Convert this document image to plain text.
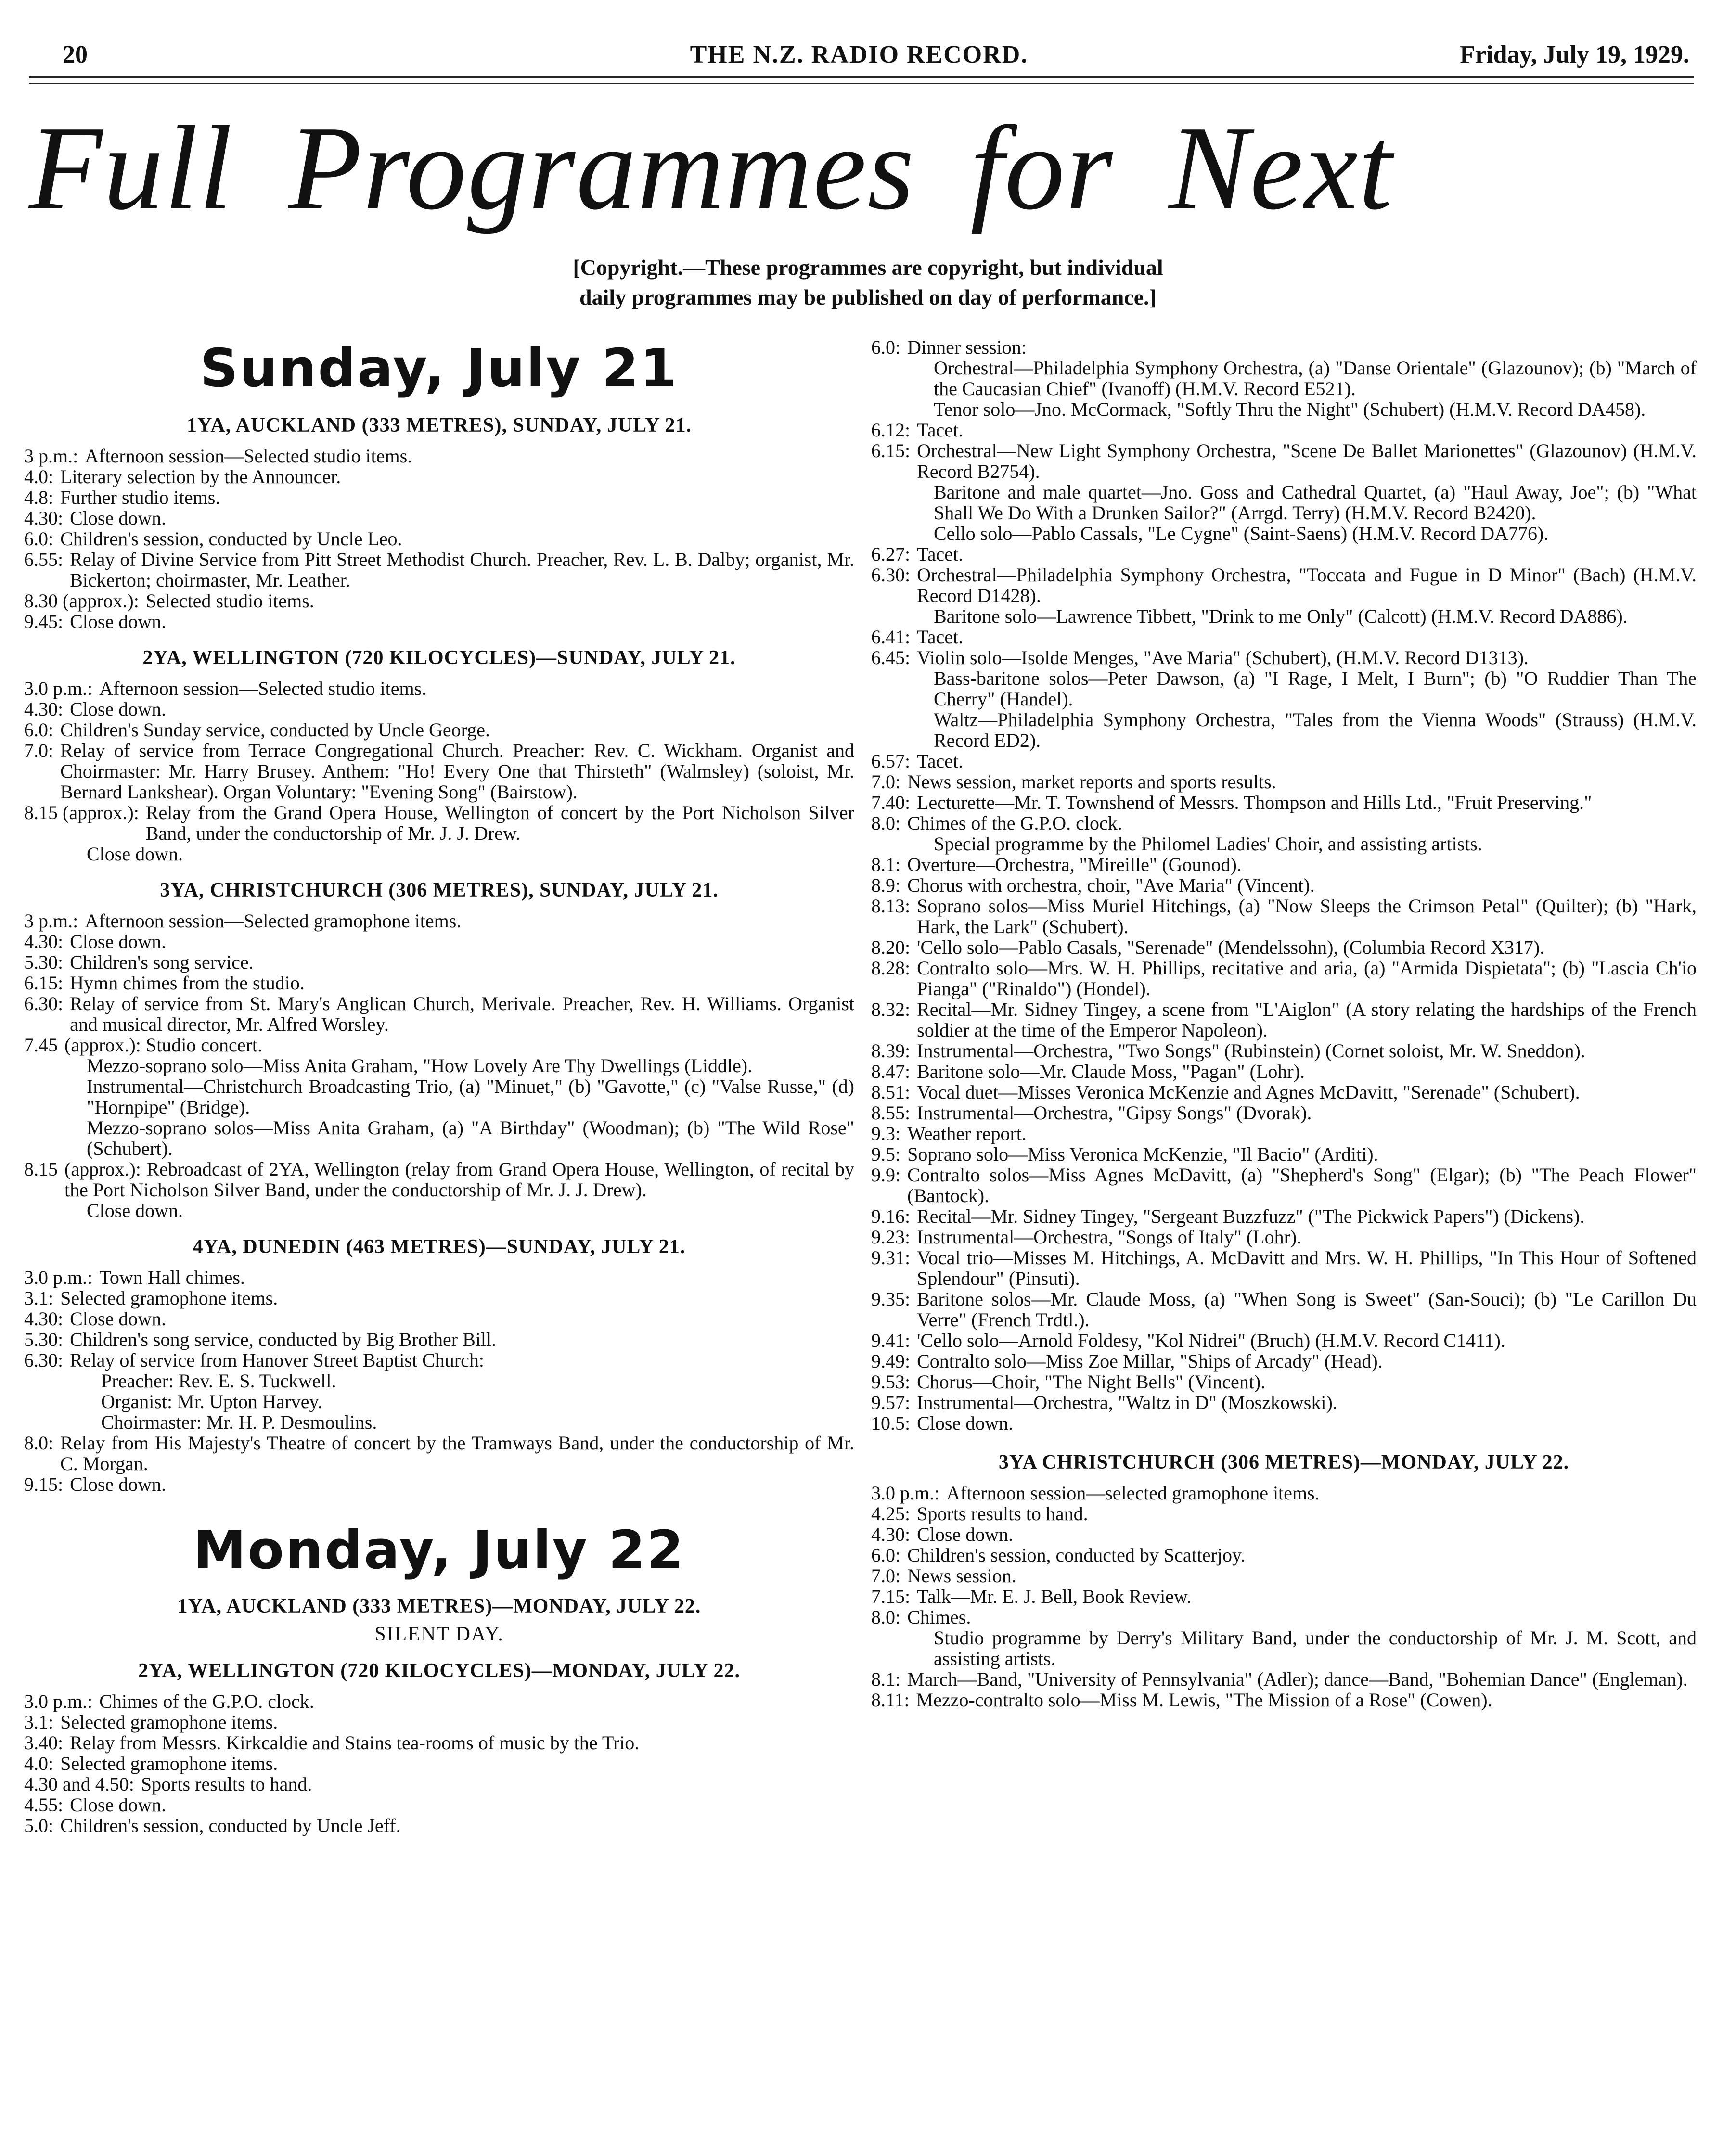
20	THE N.Z. RADIO RECORD.	Friday, July 19, 1929.
Full Programmes for Next
[Copyright.—These programmes are copyright, but individual
daily programmes may be published on day of performance.]
Sunday, July 21
1YA, AUCKLAND (333 METRES), SUNDAY, JULY 21.
3 p.m.: Afternoon session—Selected studio items.
4.0: Literary selection by the Announcer.
4.8: Further studio items.
4.30: Close down.
6.0: Children's session, conducted by Uncle Leo.
6.55: Relay of Divine Service from Pitt Street Methodist Church. Preacher, Rev. L. B. Dalby; organist, Mr. Bickerton; choirmaster, Mr. Leather.
8.30 (approx.): Selected studio items.
9.45: Close down.
2YA, WELLINGTON (720 KILOCYCLES)—SUNDAY, JULY 21.
3.0 p.m.: Afternoon session—Selected studio items.
4.30: Close down.
6.0: Children's Sunday service, conducted by Uncle George.
7.0: Relay of service from Terrace Congregational Church. Preacher: Rev. C. Wickham. Organist and Choirmaster: Mr. Harry Brusey. Anthem: "Ho! Every One that Thirsteth" (Walmsley) (soloist, Mr. Bernard Lankshear). Organ Voluntary: "Evening Song" (Bairstow).
8.15 (approx.): Relay from the Grand Opera House, Wellington of concert by the Port Nicholson Silver Band, under the conductorship of Mr. J. J. Drew.
Close down.
3YA, CHRISTCHURCH (306 METRES), SUNDAY, JULY 21.
3 p.m.: Afternoon session—Selected gramophone items.
4.30: Close down.
5.30: Children's song service.
6.15: Hymn chimes from the studio.
6.30: Relay of service from St. Mary's Anglican Church, Merivale. Preacher, Rev. H. Williams. Organist and musical director, Mr. Alfred Worsley.
7.45 (approx.): Studio concert.
Mezzo-soprano solo—Miss Anita Graham, "How Lovely Are Thy Dwellings (Liddle).
Instrumental—Christchurch Broadcasting Trio, (a) "Minuet," (b) "Gavotte," (c) "Valse Russe," (d) "Hornpipe" (Bridge).
Mezzo-soprano solos—Miss Anita Graham, (a) "A Birthday" (Woodman); (b) "The Wild Rose" (Schubert).
8.15 (approx.): Rebroadcast of 2YA, Wellington (relay from Grand Opera House, Wellington, of recital by the Port Nicholson Silver Band, under the conductorship of Mr. J. J. Drew).
Close down.
4YA, DUNEDIN (463 METRES)—SUNDAY, JULY 21.
3.0 p.m.: Town Hall chimes.
3.1: Selected gramophone items.
4.30: Close down.
5.30: Children's song service, conducted by Big Brother Bill.
6.30: Relay of service from Hanover Street Baptist Church:
Preacher: Rev. E. S. Tuckwell.
Organist: Mr. Upton Harvey.
Choirmaster: Mr. H. P. Desmoulins.
8.0: Relay from His Majesty's Theatre of concert by the Tramways Band, under the conductorship of Mr. C. Morgan.
9.15: Close down.
Monday, July 22
1YA, AUCKLAND (333 METRES)—MONDAY, JULY 22.
SILENT DAY.
2YA, WELLINGTON (720 KILOCYCLES)—MONDAY, JULY 22.
3.0 p.m.: Chimes of the G.P.O. clock.
3.1: Selected gramophone items.
3.40: Relay from Messrs. Kirkcaldie and Stains tea-rooms of music by the Trio.
4.0: Selected gramophone items.
4.30 and 4.50: Sports results to hand.
4.55: Close down.
5.0: Children's session, conducted by Uncle Jeff.
6.0: Dinner session:
Orchestral—Philadelphia Symphony Orchestra, (a) "Danse Orientale" (Glazounov); (b) "March of the Caucasian Chief" (Ivanoff) (H.M.V. Record E521).
Tenor solo—Jno. McCormack, "Softly Thru the Night" (Schubert) (H.M.V. Record DA458).
6.12: Tacet.
6.15: Orchestral—New Light Symphony Orchestra, "Scene De Ballet Marionettes" (Glazounov) (H.M.V. Record B2754).
Baritone and male quartet—Jno. Goss and Cathedral Quartet, (a) "Haul Away, Joe"; (b) "What Shall We Do With a Drunken Sailor?" (Arrgd. Terry) (H.M.V. Record B2420).
Cello solo—Pablo Cassals, "Le Cygne" (Saint-Saens) (H.M.V. Record DA776).
6.27: Tacet.
6.30: Orchestral—Philadelphia Symphony Orchestra, "Toccata and Fugue in D Minor" (Bach) (H.M.V. Record D1428).
Baritone solo—Lawrence Tibbett, "Drink to me Only" (Calcott) (H.M.V. Record DA886).
6.41: Tacet.
6.45: Violin solo—Isolde Menges, "Ave Maria" (Schubert), (H.M.V. Record D1313).
Bass-baritone solos—Peter Dawson, (a) "I Rage, I Melt, I Burn"; (b) "O Ruddier Than The Cherry" (Handel).
Waltz—Philadelphia Symphony Orchestra, "Tales from the Vienna Woods" (Strauss) (H.M.V. Record ED2).
6.57: Tacet.
7.0: News session, market reports and sports results.
7.40: Lecturette—Mr. T. Townshend of Messrs. Thompson and Hills Ltd., "Fruit Preserving."
8.0: Chimes of the G.P.O. clock.
Special programme by the Philomel Ladies' Choir, and assisting artists.
8.1: Overture—Orchestra, "Mireille" (Gounod).
8.9: Chorus with orchestra, choir, "Ave Maria" (Vincent).
8.13: Soprano solos—Miss Muriel Hitchings, (a) "Now Sleeps the Crimson Petal" (Quilter); (b) "Hark, Hark, the Lark" (Schubert).
8.20: 'Cello solo—Pablo Casals, "Serenade" (Mendelssohn), (Columbia Record X317).
8.28: Contralto solo—Mrs. W. H. Phillips, recitative and aria, (a) "Armida Dispietata"; (b) "Lascia Ch'io Pianga" ("Rinaldo") (Hondel).
8.32: Recital—Mr. Sidney Tingey, a scene from "L'Aiglon" (A story relating the hardships of the French soldier at the time of the Emperor Napoleon).
8.39: Instrumental—Orchestra, "Two Songs" (Rubinstein) (Cornet soloist, Mr. W. Sneddon).
8.47: Baritone solo—Mr. Claude Moss, "Pagan" (Lohr).
8.51: Vocal duet—Misses Veronica McKenzie and Agnes McDavitt, "Serenade" (Schubert).
8.55: Instrumental—Orchestra, "Gipsy Songs" (Dvorak).
9.3: Weather report.
9.5: Soprano solo—Miss Veronica McKenzie, "Il Bacio" (Arditi).
9.9: Contralto solos—Miss Agnes McDavitt, (a) "Shepherd's Song" (Elgar); (b) "The Peach Flower" (Bantock).
9.16: Recital—Mr. Sidney Tingey, "Sergeant Buzzfuzz" ("The Pickwick Papers") (Dickens).
9.23: Instrumental—Orchestra, "Songs of Italy" (Lohr).
9.31: Vocal trio—Misses M. Hitchings, A. McDavitt and Mrs. W. H. Phillips, "In This Hour of Softened Splendour" (Pinsuti).
9.35: Baritone solos—Mr. Claude Moss, (a) "When Song is Sweet" (San-Souci); (b) "Le Carillon Du Verre" (French Trdtl.).
9.41: 'Cello solo—Arnold Foldesy, "Kol Nidrei" (Bruch) (H.M.V. Record C1411).
9.49: Contralto solo—Miss Zoe Millar, "Ships of Arcady" (Head).
9.53: Chorus—Choir, "The Night Bells" (Vincent).
9.57: Instrumental—Orchestra, "Waltz in D" (Moszkowski).
10.5: Close down.
3YA CHRISTCHURCH (306 METRES)—MONDAY, JULY 22.
3.0 p.m.: Afternoon session—selected gramophone items.
4.25: Sports results to hand.
4.30: Close down.
6.0: Children's session, conducted by Scatterjoy.
7.0: News session.
7.15: Talk—Mr. E. J. Bell, Book Review.
8.0: Chimes.
Studio programme by Derry's Military Band, under the conductorship of Mr. J. M. Scott, and assisting artists.
8.1: March—Band, "University of Pennsylvania" (Adler); dance—Band, "Bohemian Dance" (Engleman).
8.11: Mezzo-contralto solo—Miss M. Lewis, "The Mission of a Rose" (Cowen).
